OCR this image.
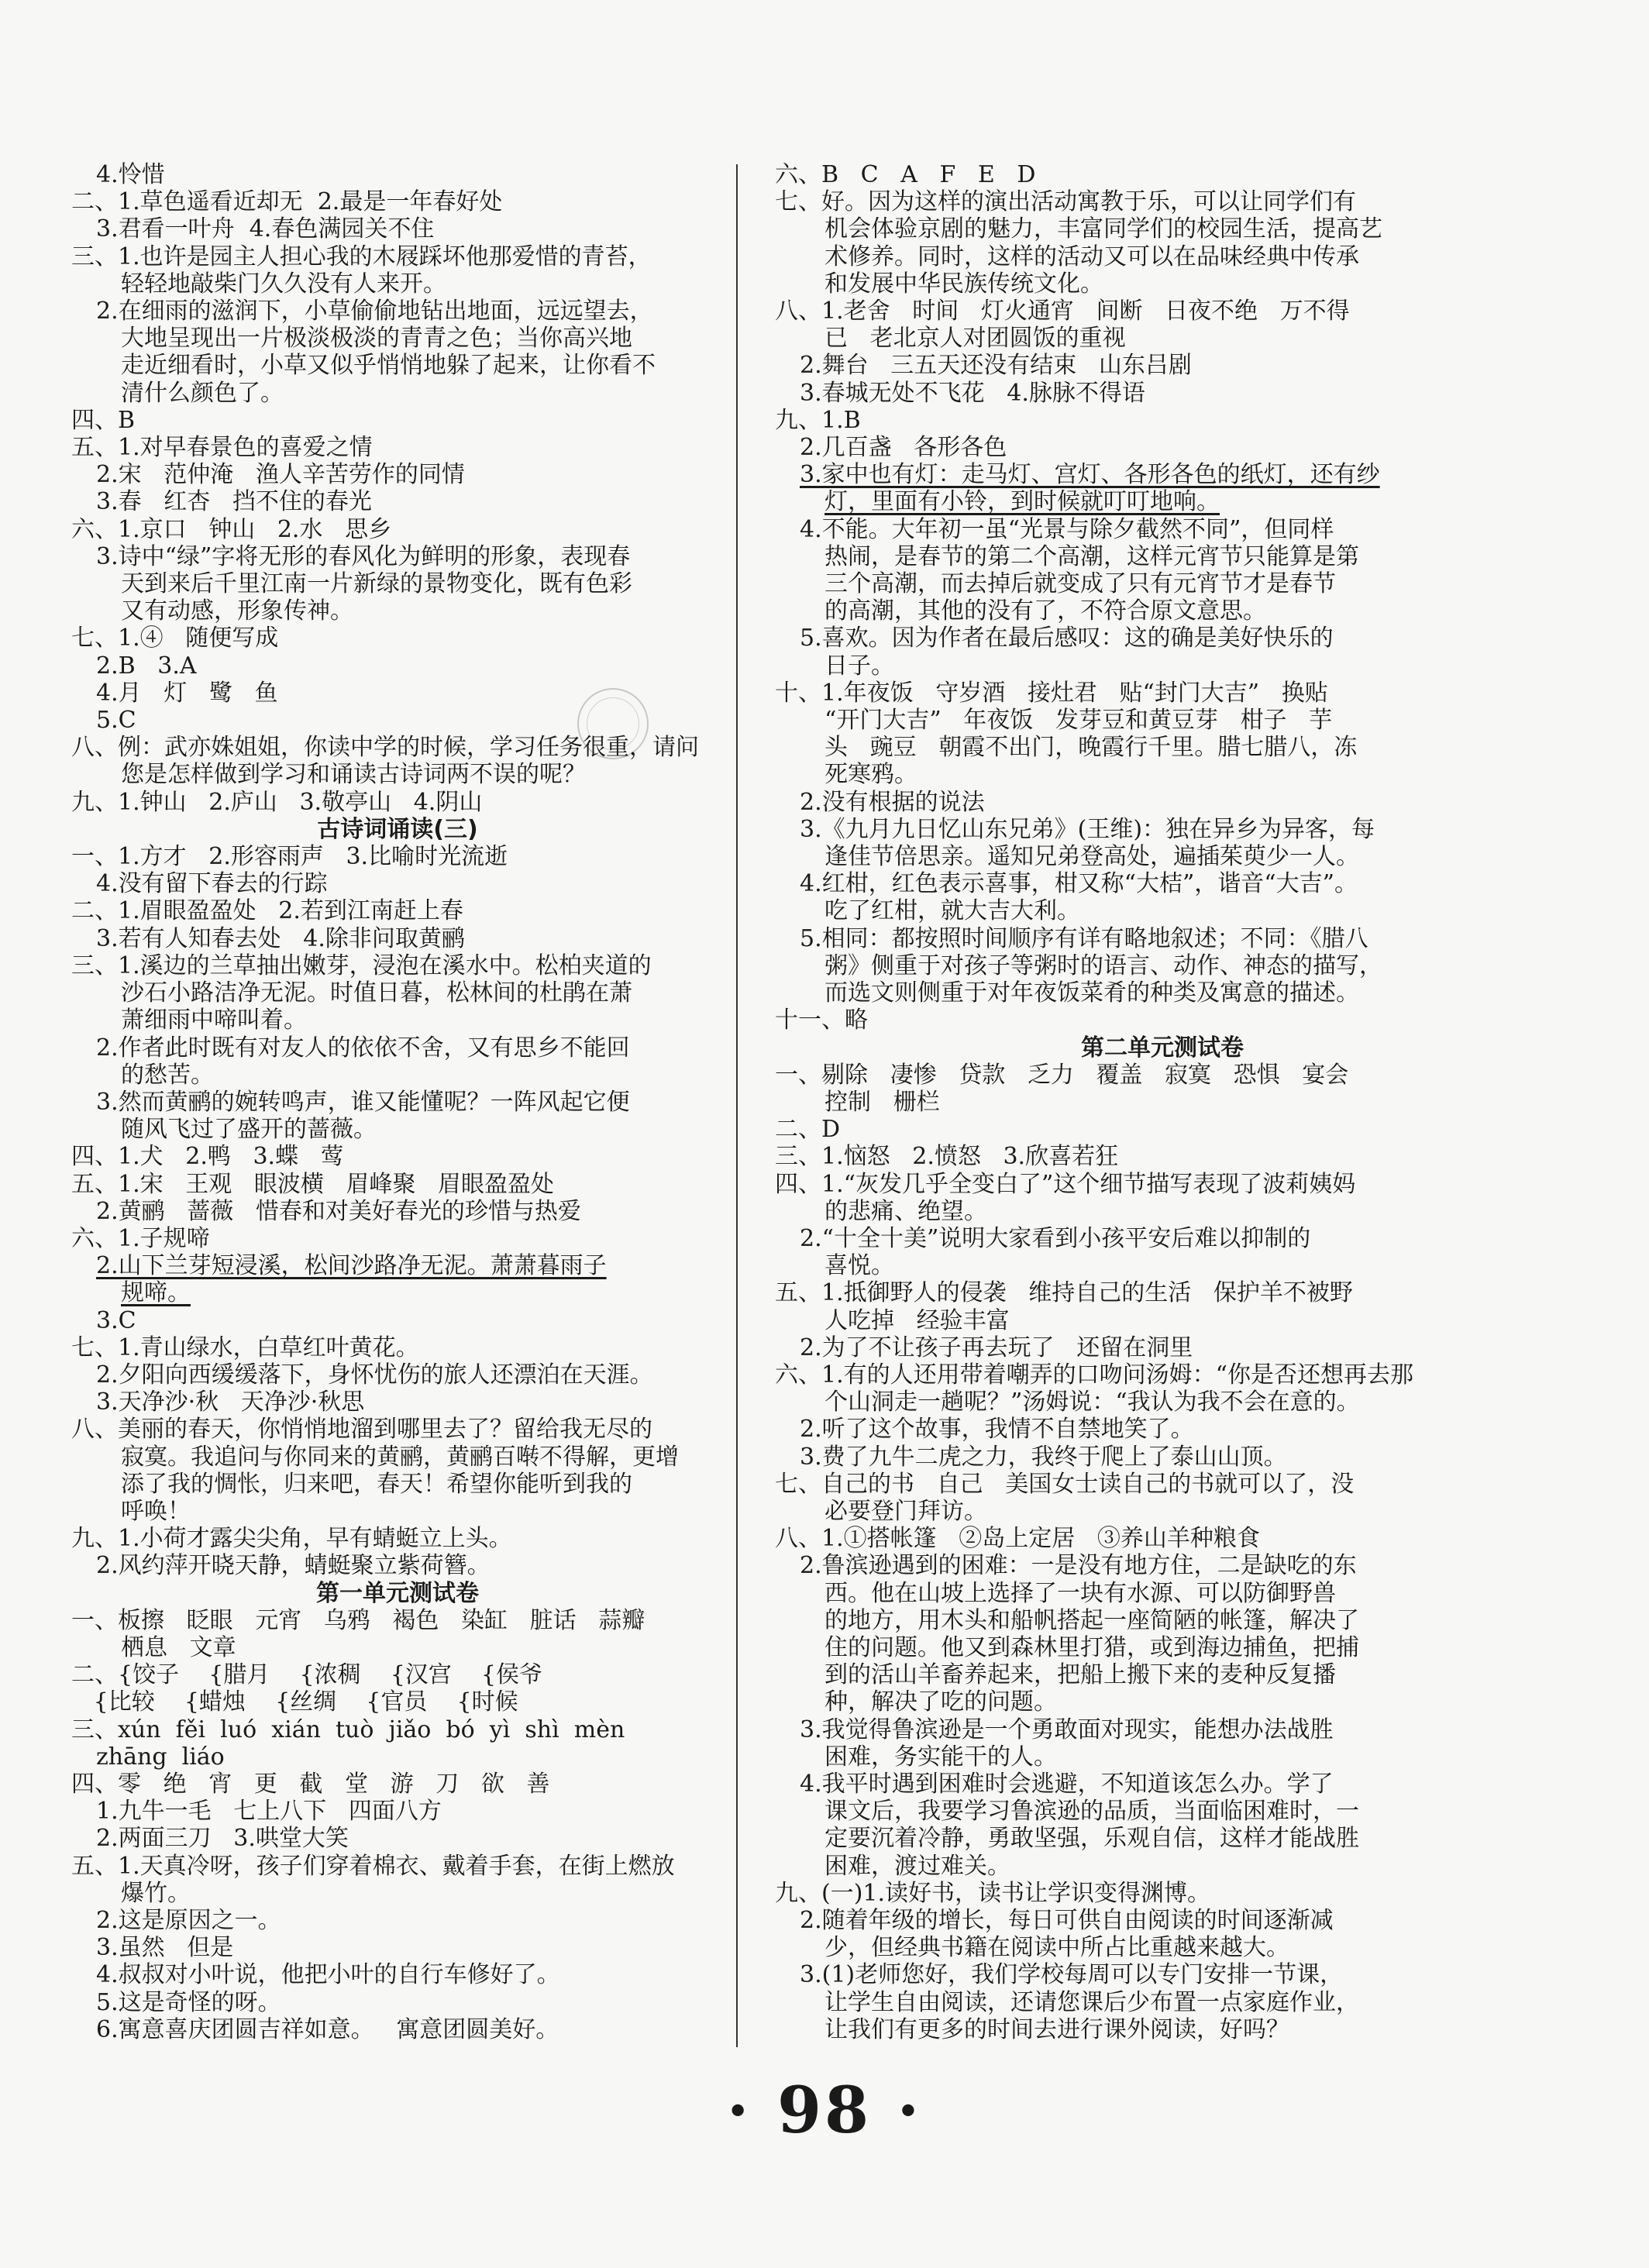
4.怜惜
二、1.草色遥看近却无  2.最是一年春好处
3.君看一叶舟  4.春色满园关不住
三、1.也许是园主人担心我的木屐踩坏他那爱惜的青苔，
轻轻地敲柴门久久没有人来开。
2.在细雨的滋润下，小草偷偷地钻出地面，远远望去，
大地呈现出一片极淡极淡的青青之色；当你高兴地
走近细看时，小草又似乎悄悄地躲了起来，让你看不
清什么颜色了。
四、B
五、1.对早春景色的喜爱之情
2.宋   范仲淹   渔人辛苦劳作的同情
3.春   红杏   挡不住的春光
六、1.京口   钟山   2.水   思乡
3.诗中“绿”字将无形的春风化为鲜明的形象，表现春
天到来后千里江南一片新绿的景物变化，既有色彩
又有动感，形象传神。
七、1.④   随便写成
2.B   3.A
4.月   灯   鹭   鱼
5.C
八、例：武亦姝姐姐，你读中学的时候，学习任务很重，请问
您是怎样做到学习和诵读古诗词两不误的呢？
九、1.钟山   2.庐山   3.敬亭山   4.阴山
古诗词诵读(三)
一、1.方才   2.形容雨声   3.比喻时光流逝
4.没有留下春去的行踪
二、1.眉眼盈盈处   2.若到江南赶上春
3.若有人知春去处   4.除非问取黄鹂
三、1.溪边的兰草抽出嫩芽，浸泡在溪水中。松柏夹道的
沙石小路洁净无泥。时值日暮，松林间的杜鹃在萧
萧细雨中啼叫着。
2.作者此时既有对友人的依依不舍，又有思乡不能回
的愁苦。
3.然而黄鹂的婉转鸣声，谁又能懂呢？一阵风起它便
随风飞过了盛开的蔷薇。
四、1.犬   2.鸭   3.蝶   莺
五、1.宋   王观   眼波横   眉峰聚   眉眼盈盈处
2.黄鹂   蔷薇   惜春和对美好春光的珍惜与热爱
六、1.子规啼
2.山下兰芽短浸溪，松间沙路净无泥。萧萧暮雨子
规啼。
3.C
七、1.青山绿水，白草红叶黄花。
2.夕阳向西缓缓落下，身怀忧伤的旅人还漂泊在天涯。
3.天净沙·秋   天净沙·秋思
八、美丽的春天，你悄悄地溜到哪里去了？留给我无尽的
寂寞。我追问与你同来的黄鹂，黄鹂百啭不得解，更增
添了我的惆怅，归来吧，春天！希望你能听到我的
呼唤！
九、1.小荷才露尖尖角，早有蜻蜓立上头。
2.风约萍开晓天静，蜻蜓聚立紫荷簪。
第一单元测试卷
一、板擦   眨眼   元宵   乌鸦   褐色   染缸   脏话   蒜瓣
栖息   文章
二、{饺子    {腊月    {浓稠    {汉宫    {侯爷
{比较    {蜡烛    {丝绸    {官员    {时候
三、xún  fěi  luó  xián  tuò  jiǎo  bó  yì  shì  mèn
zhāng  liáo
四、零   绝   宵   更   截   堂   游   刀   欲   善
1.九牛一毛   七上八下   四面八方
2.两面三刀   3.哄堂大笑
五、1.天真冷呀，孩子们穿着棉衣、戴着手套，在街上燃放
爆竹。
2.这是原因之一。
3.虽然   但是
4.叔叔对小叶说，他把小叶的自行车修好了。
5.这是奇怪的呀。
6.寓意喜庆团圆吉祥如意。   寓意团圆美好。
六、B   C   A   F   E   D
七、好。因为这样的演出活动寓教于乐，可以让同学们有
机会体验京剧的魅力，丰富同学们的校园生活，提高艺
术修养。同时，这样的活动又可以在品味经典中传承
和发展中华民族传统文化。
八、1.老舍   时间   灯火通宵   间断   日夜不绝   万不得
已   老北京人对团圆饭的重视
2.舞台   三五天还没有结束   山东吕剧
3.春城无处不飞花   4.脉脉不得语
九、1.B
2.几百盏   各形各色
3.家中也有灯：走马灯、宫灯、各形各色的纸灯，还有纱
灯，里面有小铃，到时候就叮叮地响。
4.不能。大年初一虽“光景与除夕截然不同”，但同样
热闹，是春节的第二个高潮，这样元宵节只能算是第
三个高潮，而去掉后就变成了只有元宵节才是春节
的高潮，其他的没有了，不符合原文意思。
5.喜欢。因为作者在最后感叹：这的确是美好快乐的
日子。
十、1.年夜饭   守岁酒   接灶君   贴“封门大吉”   换贴
“开门大吉”   年夜饭   发芽豆和黄豆芽   柑子   芋
头   豌豆   朝霞不出门，晚霞行千里。腊七腊八，冻
死寒鸦。
2.没有根据的说法
3.《九月九日忆山东兄弟》(王维)：独在异乡为异客，每
逢佳节倍思亲。遥知兄弟登高处，遍插茱萸少一人。
4.红柑，红色表示喜事，柑又称“大桔”，谐音“大吉”。
吃了红柑，就大吉大利。
5.相同：都按照时间顺序有详有略地叙述；不同：《腊八
粥》侧重于对孩子等粥时的语言、动作、神态的描写，
而选文则侧重于对年夜饭菜肴的种类及寓意的描述。
十一、略
第二单元测试卷
一、剔除   凄惨   贷款   乏力   覆盖   寂寞   恐惧   宴会
控制   栅栏
二、D
三、1.恼怒   2.愤怒   3.欣喜若狂
四、1.“灰发几乎全变白了”这个细节描写表现了波莉姨妈
的悲痛、绝望。
2.“十全十美”说明大家看到小孩平安后难以抑制的
喜悦。
五、1.抵御野人的侵袭   维持自己的生活   保护羊不被野
人吃掉   经验丰富
2.为了不让孩子再去玩了   还留在洞里
六、1.有的人还用带着嘲弄的口吻问汤姆：“你是否还想再去那
个山洞走一趟呢？”汤姆说：“我认为我不会在意的。
2.听了这个故事，我情不自禁地笑了。
3.费了九牛二虎之力，我终于爬上了泰山山顶。
七、自己的书   自己   美国女士读自己的书就可以了，没
必要登门拜访。
八、1.①搭帐篷   ②岛上定居   ③养山羊种粮食
2.鲁滨逊遇到的困难：一是没有地方住，二是缺吃的东
西。他在山坡上选择了一块有水源、可以防御野兽
的地方，用木头和船帆搭起一座简陋的帐篷，解决了
住的问题。他又到森林里打猎，或到海边捕鱼，把捕
到的活山羊畜养起来，把船上搬下来的麦种反复播
种，解决了吃的问题。
3.我觉得鲁滨逊是一个勇敢面对现实，能想办法战胜
困难，务实能干的人。
4.我平时遇到困难时会逃避，不知道该怎么办。学了
课文后，我要学习鲁滨逊的品质，当面临困难时，一
定要沉着冷静，勇敢坚强，乐观自信，这样才能战胜
困难，渡过难关。
九、(一)1.读好书，读书让学识变得渊博。
2.随着年级的增长，每日可供自由阅读的时间逐渐减
少，但经典书籍在阅读中所占比重越来越大。
3.(1)老师您好，我们学校每周可以专门安排一节课，
让学生自由阅读，还请您课后少布置一点家庭作业，
让我们有更多的时间去进行课外阅读，好吗？
· 98 ·
